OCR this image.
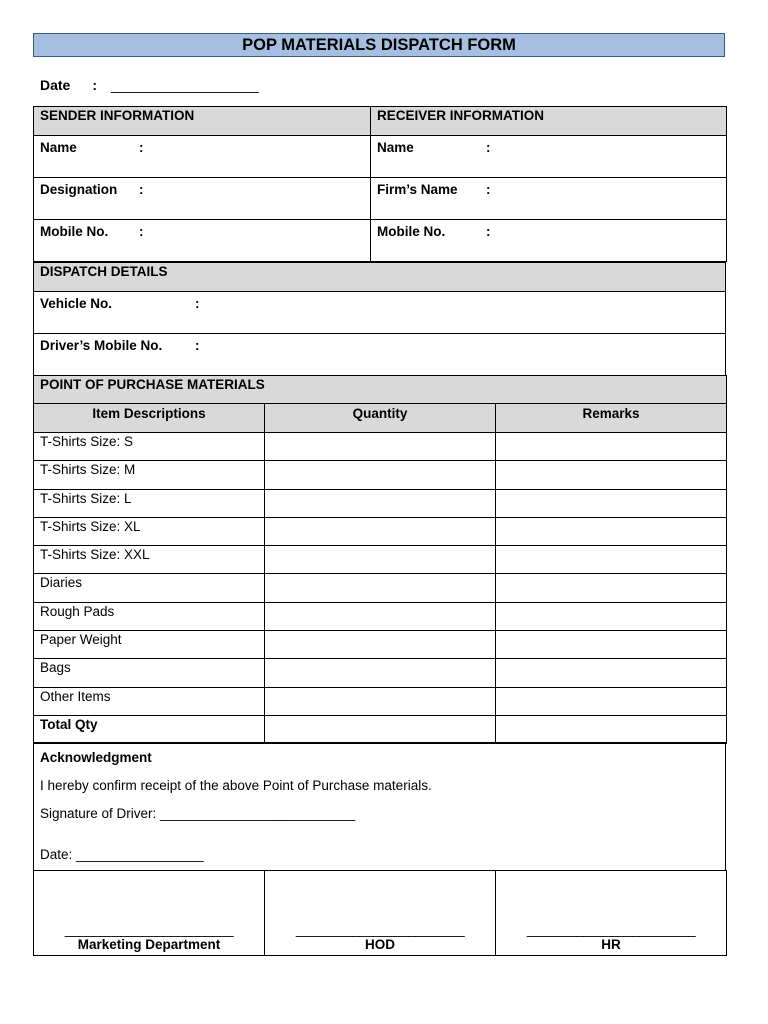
POP MATERIALS DISPATCH FORM
Date : ___________________
SENDER INFORMATION	RECEIVER INFORMATION
Name :	Name :
Designation :	Firm’s Name :
Mobile No. :	Mobile No. :
DISPATCH DETAILS
Vehicle No.	:
Driver’s Mobile No. :
POINT OF PURCHASE MATERIALS		
Item Descriptions	Quantity	Remarks
T-Shirts Size: S		
T-Shirts Size: M		
T-Shirts Size: L		
T-Shirts Size: XL		
T-Shirts Size: XXL		
Diaries		
Rough Pads		
Paper Weight		
Bags		
Other Items		
Total Qty		
Acknowledgment
I hereby confirm receipt of the above Point of Purchase materials.
Signature of Driver: __________________________
Date: _________________
________________________
Marketing Department

________________________
HOD

________________________
HR
